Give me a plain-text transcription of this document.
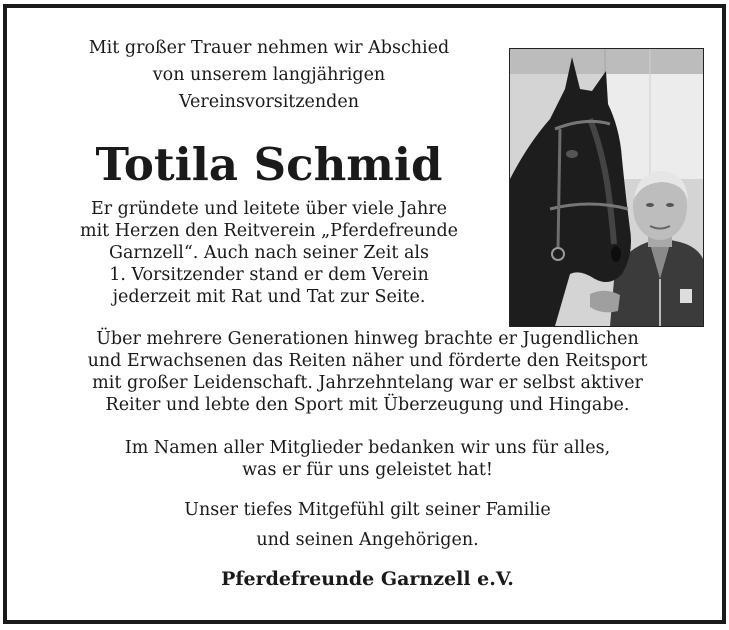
Mit großer Trauer nehmen wir Abschied
von unserem langjährigen
Vereinsvorsitzenden
Totila Schmid
Er gründete und leitete über viele Jahre
mit Herzen den Reitverein „Pferdefreunde
Garnzell“. Auch nach seiner Zeit als
1. Vorsitzender stand er dem Verein
jederzeit mit Rat und Tat zur Seite.
Über mehrere Generationen hinweg brachte er Jugendlichen
und Erwachsenen das Reiten näher und förderte den Reitsport
mit großer Leidenschaft. Jahrzehntelang war er selbst aktiver
Reiter und lebte den Sport mit Überzeugung und Hingabe.
Im Namen aller Mitglieder bedanken wir uns für alles,
was er für uns geleistet hat!
Unser tiefes Mitgefühl gilt seiner Familie
und seinen Angehörigen.
Pferdefreunde Garnzell e.V.
